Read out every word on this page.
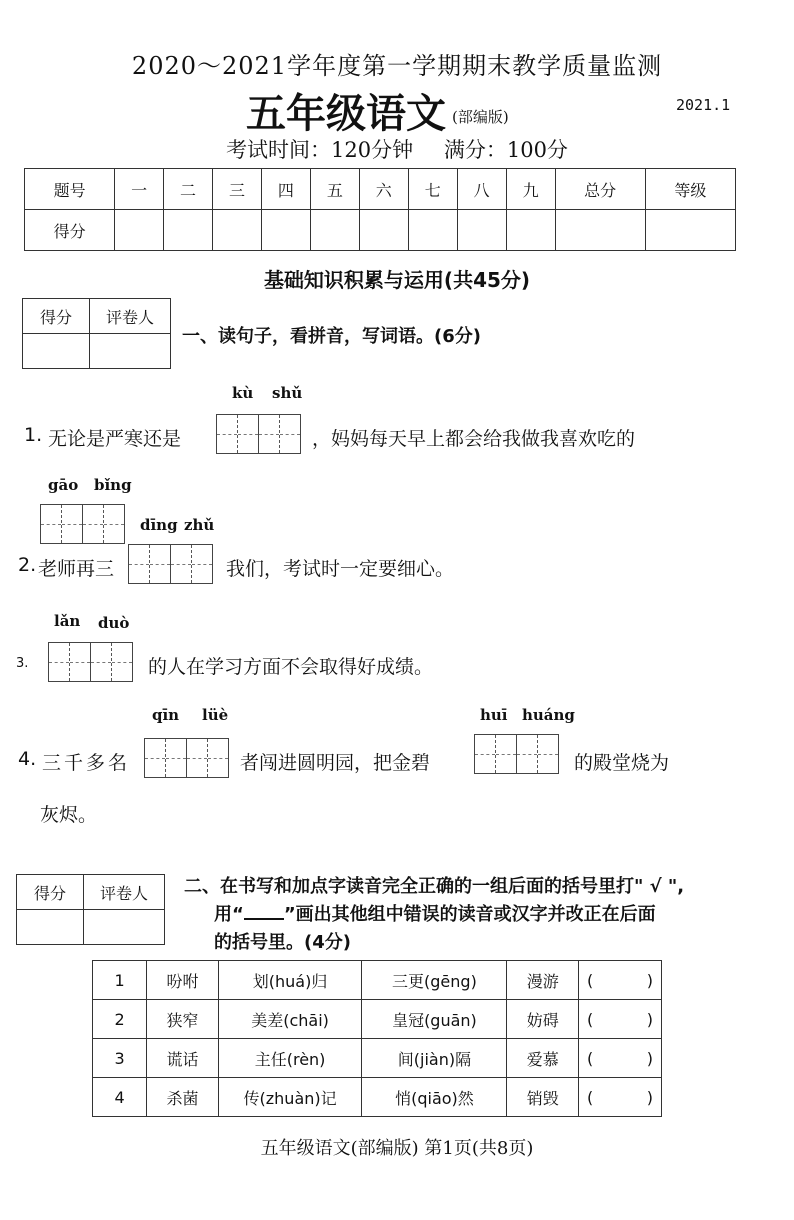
2020～2021学年度第一学期期末教学质量监测
五年级语文 (部编版)
2021.1
考试时间：120分钟 满分：100分
题号	一	二	三	四	五	六	七	八	九	总分	等级
得分											
基础知识积累与运用(共45分)
得分	评卷人

一、读句子，看拼音，写词语。(6分)
kù shǔ
1. 无论是严寒还是	，妈妈每天早上都会给我做我喜欢吃的
gāo bǐng
dīng zhǔ
2. 老师再三	我们，考试时一定要细心。
lǎn duò
3.	的人在学习方面不会取得好成绩。
qīn lüè	huī huáng
4. 三千多名	者闯进圆明园，把金碧	的殿堂烧为
灰烬。
得分	评卷人
	二、在书写和加点字读音完全正确的一组后面的括号里打" √ ",
用“ ”画出其他组中错误的读音或汉字并改正在后面
的括号里。(4分)
1	吩咐	划(huá)归	三更(gēng)	漫游	( )

2	狭窄	美差(chāi)	皇冠(guān)	妨碍	( )

3	谎话	主任(rèn)	间(jiàn)隔	爱慕	( )

4	杀菌	传(zhuàn)记	悄(qiāo)然	销毁	( )
五年级语文(部编版) 第1页(共8页)
